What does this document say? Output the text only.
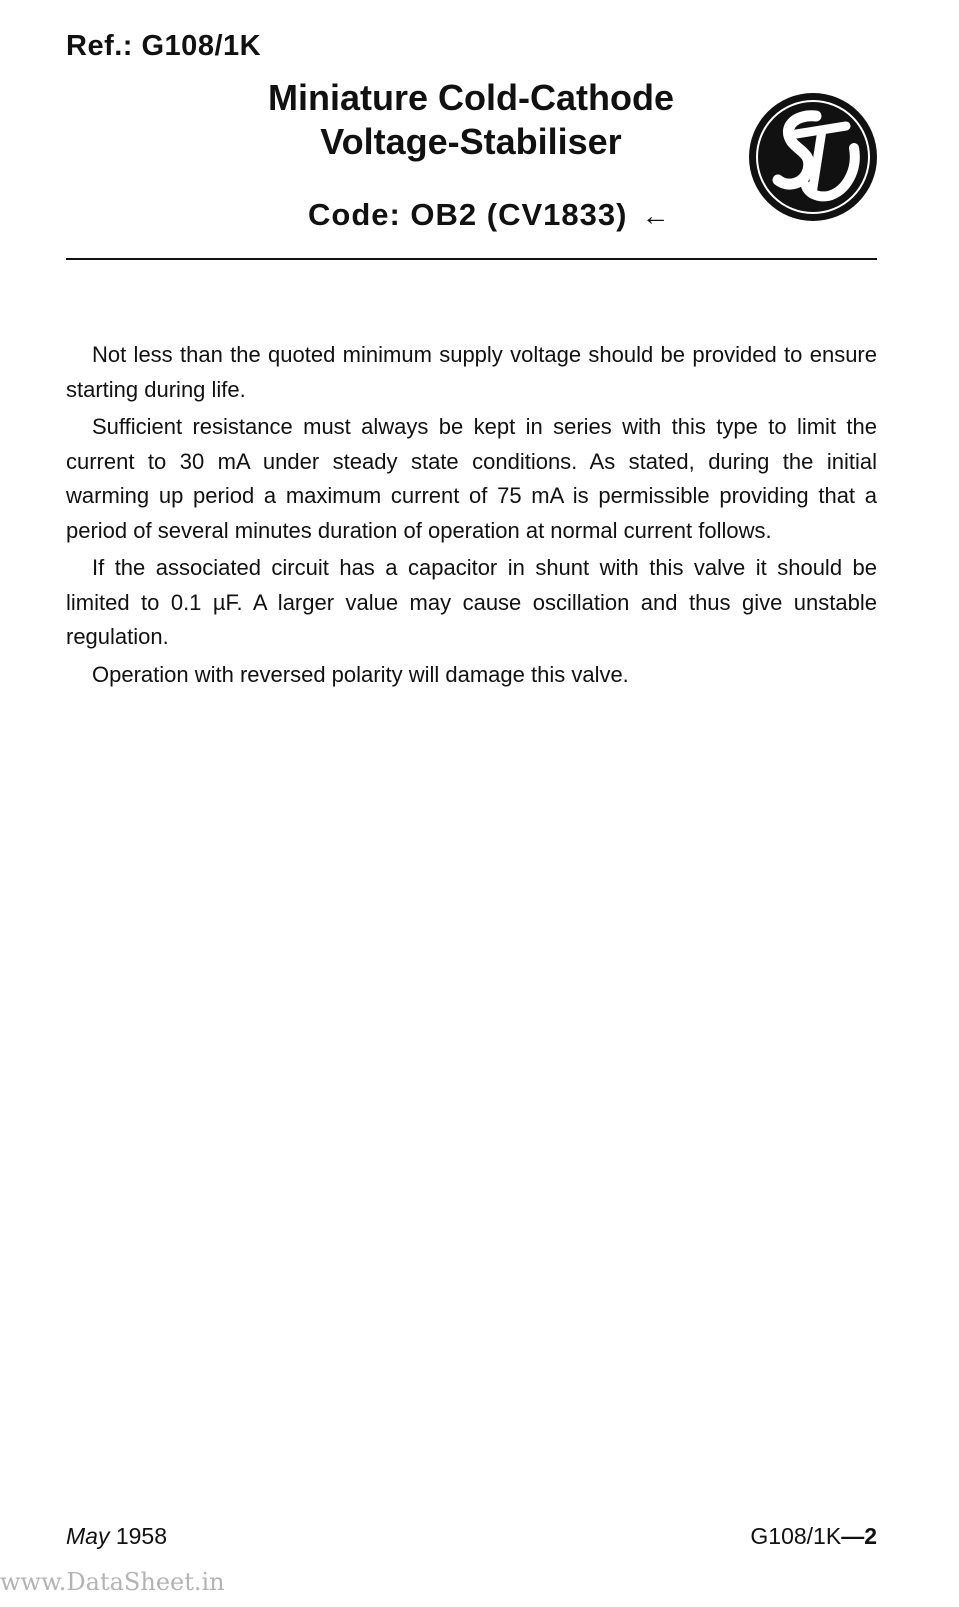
Ref.: G108/1K
Miniature Cold-Cathode
Voltage-Stabiliser
Code: OB2 (CV1833) ←

Not less than the quoted minimum supply voltage should be provided to ensure starting during life.

Sufficient resistance must always be kept in series with this type to limit the current to 30 mA under steady state conditions. As stated, during the initial warming up period a maximum current of 75 mA is permissible providing that a period of several minutes duration of operation at normal current follows.

If the associated circuit has a capacitor in shunt with this valve it should be limited to 0.1 µF. A larger value may cause oscillation and thus give unstable regulation.

Operation with reversed polarity will damage this valve.

May 1958	G108/1K—2
www.DataSheet.in
